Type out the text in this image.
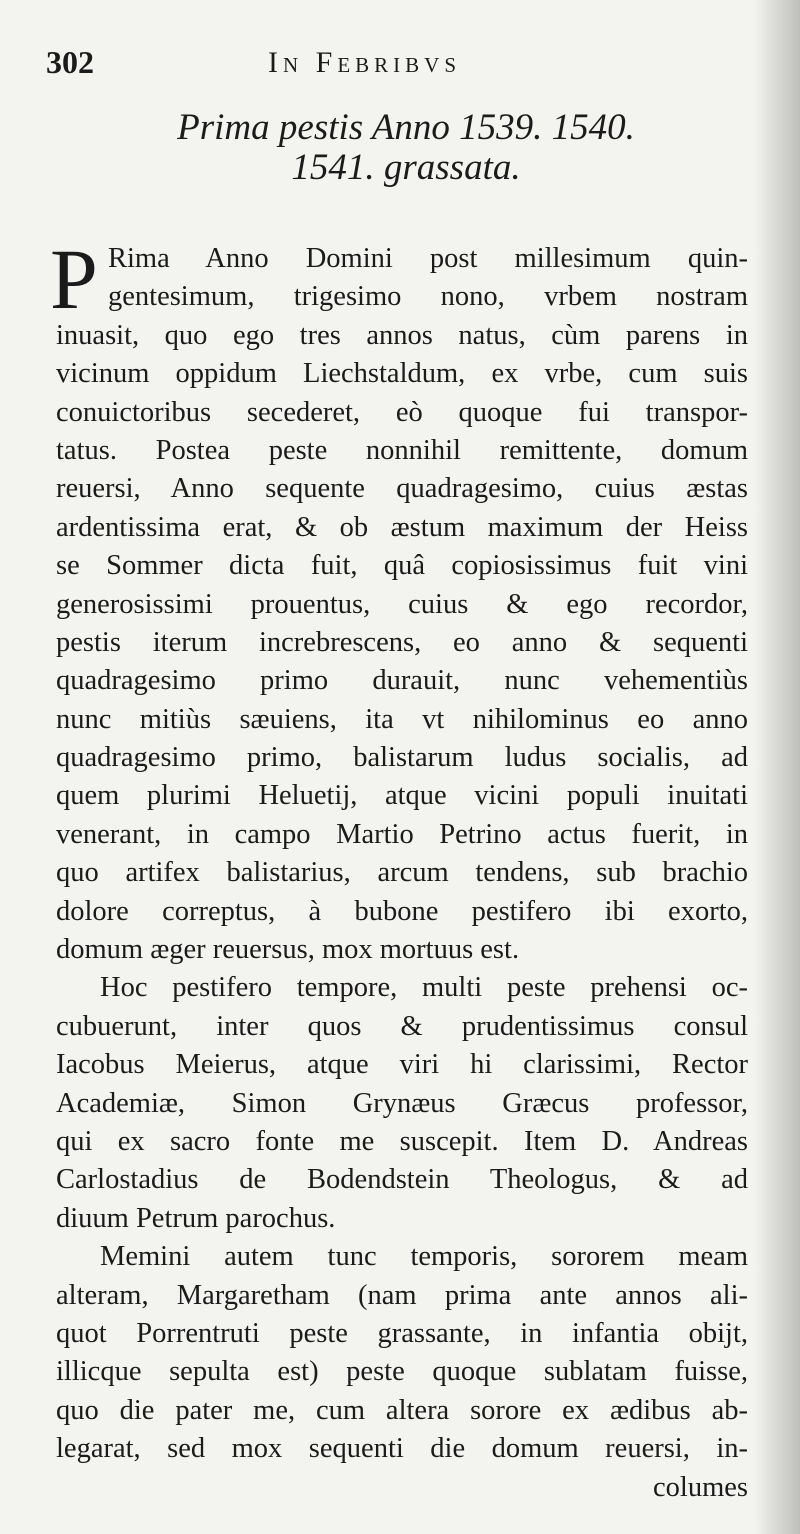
302	In Febribvs
Prima pestis Anno 1539. 1540.
1541. grassata.
P Rima Anno Domini post millesimum quin-
gentesimum, trigesimo nono, vrbem nostram
inuasit, quo ego tres annos natus, cùm parens in
vicinum oppidum Liechstaldum, ex vrbe, cum suis
conuictoribus secederet, eò quoque fui transpor-
tatus. Postea peste nonnihil remittente, domum
reuersi, Anno sequente quadragesimo, cuius æstas
ardentissima erat, & ob æstum maximum der Heiss
se Sommer dicta fuit, quâ copiosissimus fuit vini
generosissimi prouentus, cuius & ego recordor,
pestis iterum increbrescens, eo anno & sequenti
quadragesimo primo durauit, nunc vehementiùs
nunc mitiùs sæuiens, ita vt nihilominus eo anno
quadragesimo primo, balistarum ludus socialis, ad
quem plurimi Heluetij, atque vicini populi inuitati
venerant, in campo Martio Petrino actus fuerit, in
quo artifex balistarius, arcum tendens, sub brachio
dolore correptus, à bubone pestifero ibi exorto,
domum æger reuersus, mox mortuus est.
Hoc pestifero tempore, multi peste prehensi oc-
cubuerunt, inter quos & prudentissimus consul
Iacobus Meierus, atque viri hi clarissimi, Rector
Academiæ, Simon Grynæus Græcus professor,
qui ex sacro fonte me suscepit. Item D. Andreas
Carlostadius de Bodendstein Theologus, & ad
diuum Petrum parochus.
Memini autem tunc temporis, sororem meam
alteram, Margaretham (nam prima ante annos ali-
quot Porrentruti peste grassante, in infantia obijt,
illicque sepulta est) peste quoque sublatam fuisse,
quo die pater me, cum altera sorore ex ædibus ab-
legarat, sed mox sequenti die domum reuersi, in-
columes
